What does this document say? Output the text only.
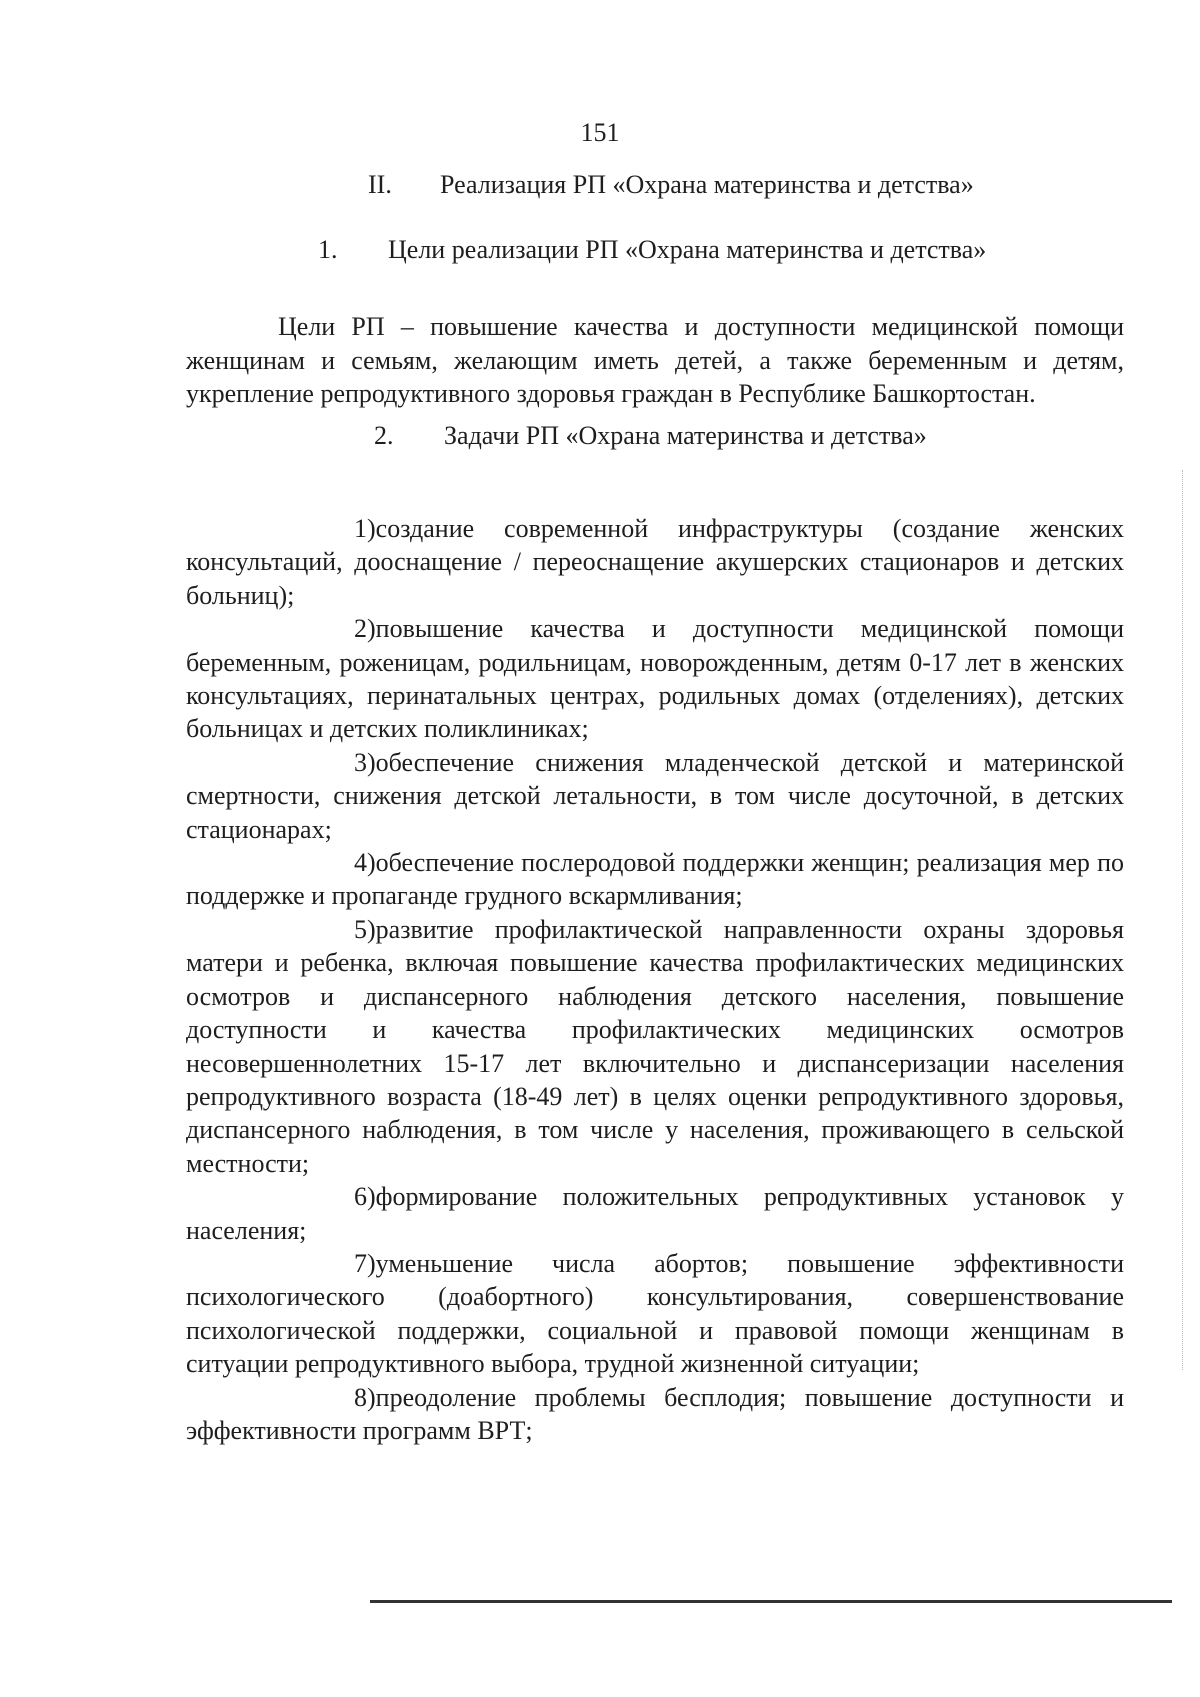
151
II. Реализация РП «Охрана материнства и детства»
1. Цели реализации РП «Охрана материнства и детства»

Цели РП – повышение качества и доступности медицинской помощи женщинам и семьям, желающим иметь детей, а также беременным и детям, укрепление репродуктивного здоровья граждан в Республике Башкортостан.

2. Задачи РП «Охрана материнства и детства»
1)создание современной инфраструктуры (создание женских консультаций, дооснащение / переоснащение акушерских стационаров и детских больниц);
2)повышение качества и доступности медицинской помощи беременным, роженицам, родильницам, новорожденным, детям 0-17 лет в женских консультациях, перинатальных центрах, родильных домах (отделениях), детских больницах и детских поликлиниках;
3)обеспечение снижения младенческой детской и материнской смертности, снижения детской летальности, в том числе досуточной, в детских стационарах;
4)обеспечение послеродовой поддержки женщин; реализация мер по поддержке и пропаганде грудного вскармливания;
5)развитие профилактической направленности охраны здоровья матери и ребенка, включая повышение качества профилактических медицинских осмотров и диспансерного наблюдения детского населения, повышение доступности и качества профилактических медицинских осмотров несовершеннолетних 15-17 лет включительно и диспансеризации населения репродуктивного возраста (18-49 лет) в целях оценки репродуктивного здоровья, диспансерного наблюдения, в том числе у населения, проживающего в сельской местности;
6)формирование положительных репродуктивных установок у населения;
7)уменьшение числа абортов; повышение эффективности психологического (доабортного) консультирования, совершенствование психологической поддержки, социальной и правовой помощи женщинам в ситуации репродуктивного выбора, трудной жизненной ситуации;
8)преодоление проблемы бесплодия; повышение доступности и эффективности программ ВРТ;
